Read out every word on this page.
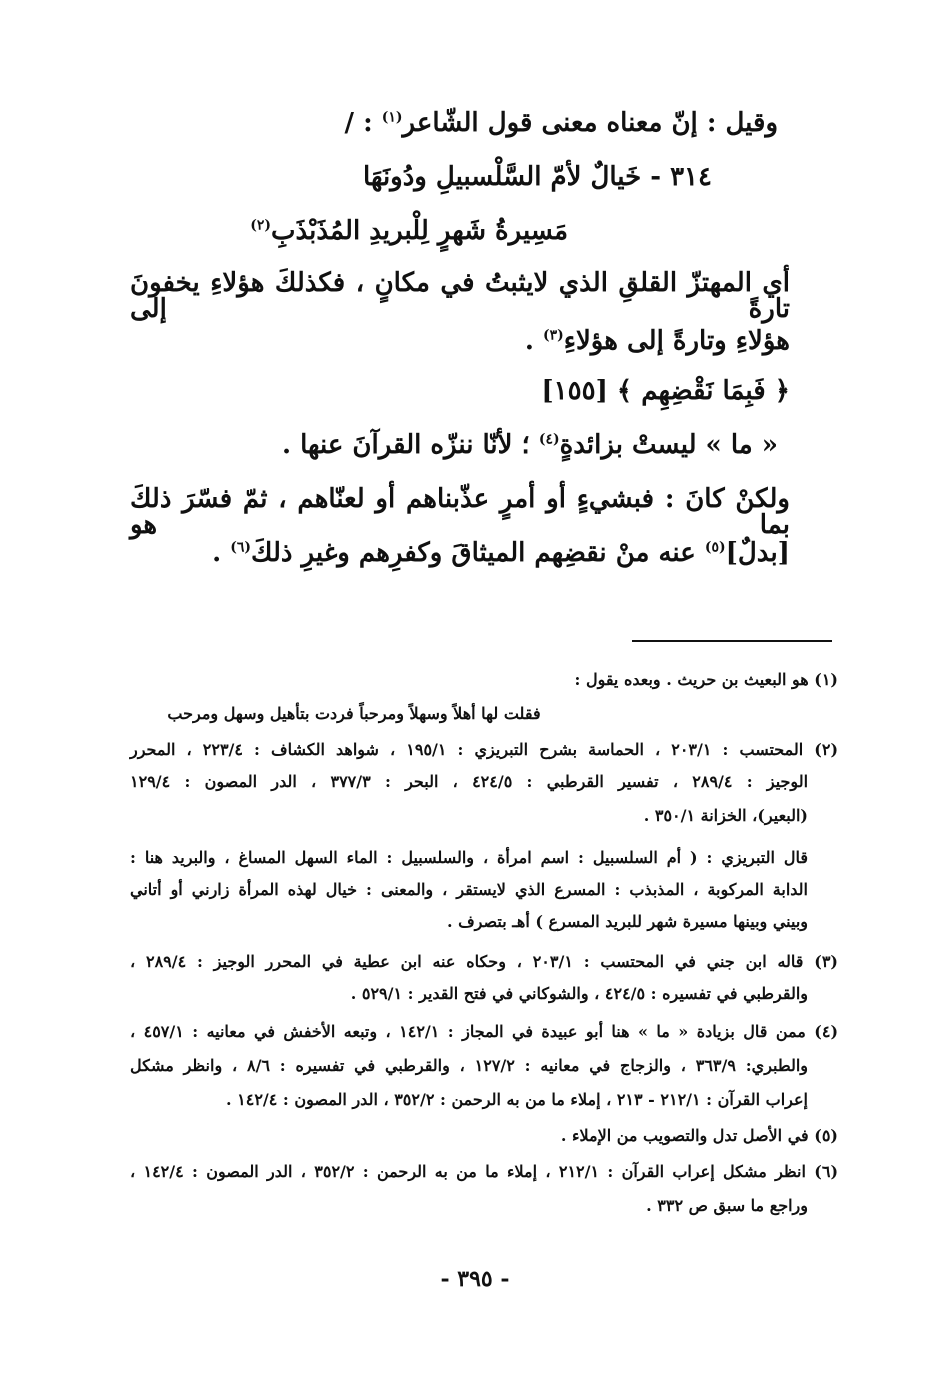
وقيل : إنّ معناه معنى قول الشّاعر$^{(١)}$ : /
٣١٤ - خَيالٌ لأمّ السَّلْسبيلِ ودُونَهَا
مَسِيرةُ شَهرٍ لِلْبريدِ المُذَبْذَبِ$^{(٢)}$
أي المهتزّ القلقِ الذي لايثبتُ في مكانٍ ، فكذلكَ هؤلاءِ يخفونَ تارةً إلى
هؤلاءِ وتارةً إلى هؤلاءِ$^{(٣)}$ .
﴿ فَبِمَا نَقْضِهِم ﴾ [١٥٥]
« ما » ليستْ بزائدةٍ$^{(٤)}$ ؛ لأنّا ننزّه القرآنَ عنها .
ولكنْ كانَ : فبشيءٍ أو أمرٍ عذّبناهم أو لعنّاهم ، ثمّ فسّرَ ذلكَ بما هو
[بدلٌ]$^{(٥)}$ عنه منْ نقضِهم الميثاقَ وكفرِهم وغيرِ ذلكَ$^{(٦)}$ .
(١) هو البعيث بن حريث . وبعده يقول :
فقلت لها أهلاً وسهلاً ومرحباً فردت بتأهيل وسهل ومرحب
(٢) المحتسب : ٢٠٣/١ ، الحماسة بشرح التبريزي : ١٩٥/١ ، شواهد الكشاف : ٢٢٣/٤ ، المحرر
الوجيز : ٢٨٩/٤ ، تفسير القرطبي : ٤٢٤/٥ ، البحر : ٣٧٧/٣ ، الدر المصون : ١٢٩/٤
(البعير)، الخزانة ٣٥٠/١ .
قال التبريزي : ( أم السلسبيل : اسم امرأة ، والسلسبيل : الماء السهل المساغ ، والبريد هنا :
الدابة المركوبة ، المذبذب : المسرع الذي لايستقر ، والمعنى : خيال لهذه المرأة زارني أو أتاني
وبيني وبينها مسيرة شهر للبريد المسرع ) أهـ بتصرف .
(٣) قاله ابن جني في المحتسب : ٢٠٣/١ ، وحكاه عنه ابن عطية في المحرر الوجيز : ٢٨٩/٤ ،
والقرطبي في تفسيره : ٤٢٤/٥ ، والشوكاني في فتح القدير : ٥٢٩/١ .
(٤) ممن قال بزيادة « ما » هنا أبو عبيدة في المجاز : ١٤٢/١ ، وتبعه الأخفش في معانيه : ٤٥٧/١ ،
والطبري: ٣٦٣/٩ ، والزجاج في معانيه : ١٢٧/٢ ، والقرطبي في تفسيره : ٨/٦ ، وانظر مشكل
إعراب القرآن : ٢١٢/١ - ٢١٣ ، إملاء ما من به الرحمن : ٣٥٢/٢ ، الدر المصون : ١٤٢/٤ .
(٥) في الأصل تدل والتصويب من الإملاء .
(٦) انظر مشكل إعراب القرآن : ٢١٢/١ ، إملاء ما من به الرحمن : ٣٥٢/٢ ، الدر المصون : ١٤٢/٤ ،
وراجع ما سبق ص ٣٣٢ .
- ٣٩٥ -
